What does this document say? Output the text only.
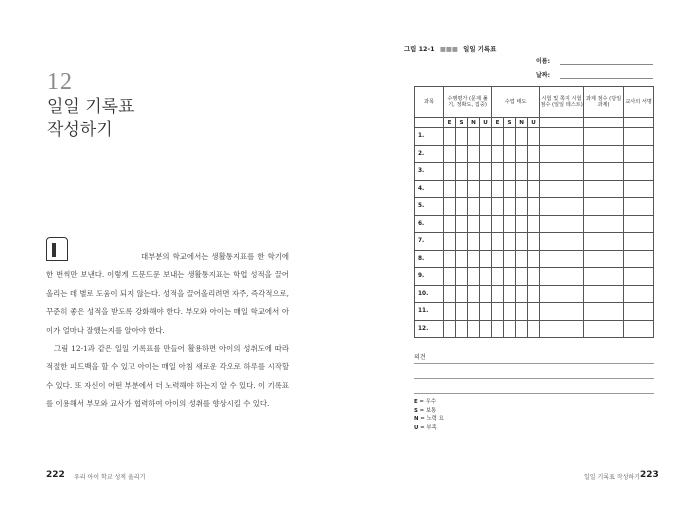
12
일일 기록표
작성하기

대부분의 학교에서는 생활통지표를 한 학기에 한 번씩만 보낸다. 이렇게 드문드문 보내는 생활통지표는 학업 성적을 끌어올리는 데 별로 도움이 되지 않는다. 성적을 끌어올리려면 자주, 즉각적으로, 꾸준히 좋은 성적을 받도록 강화해야 한다. 부모와 아이는 매일 학교에서 아이가 얼마나 잘했는지를 알아야 한다.

그림 12-1과 같은 일일 기록표를 만들어 활용하면 아이의 성취도에 따라 적절한 피드백을 할 수 있고 아이는 매일 아침 새로운 각오로 하루를 시작할 수 있다. 또 자신이 어떤 부분에서 더 노력해야 하는지 알 수 있다. 이 기록표를 이용해서 부모와 교사가 협력하여 아이의 성취를 향상시킬 수 있다.

222 우리 아이 학교 성적 올리기
그림 12-1 ■■■ 일일 기록표
이름:
날짜:
과목	수행평가 (문제 풀기, 정확도, 집중)				수업 태도				시험 및 쪽지 시험 점수 (일일 테스트)	과제 점수 (당일 과제)	교사의 서명
	E	S	N	U	E	S	N	U			
1.											
2.											
3.											
4.											
5.											
6.											
7.											
8.											
9.											
10.											
11.											
12.											
의견
E = 우수
S = 보통
N = 노력 요
U = 부족
일일 기록표 작성하기 223
